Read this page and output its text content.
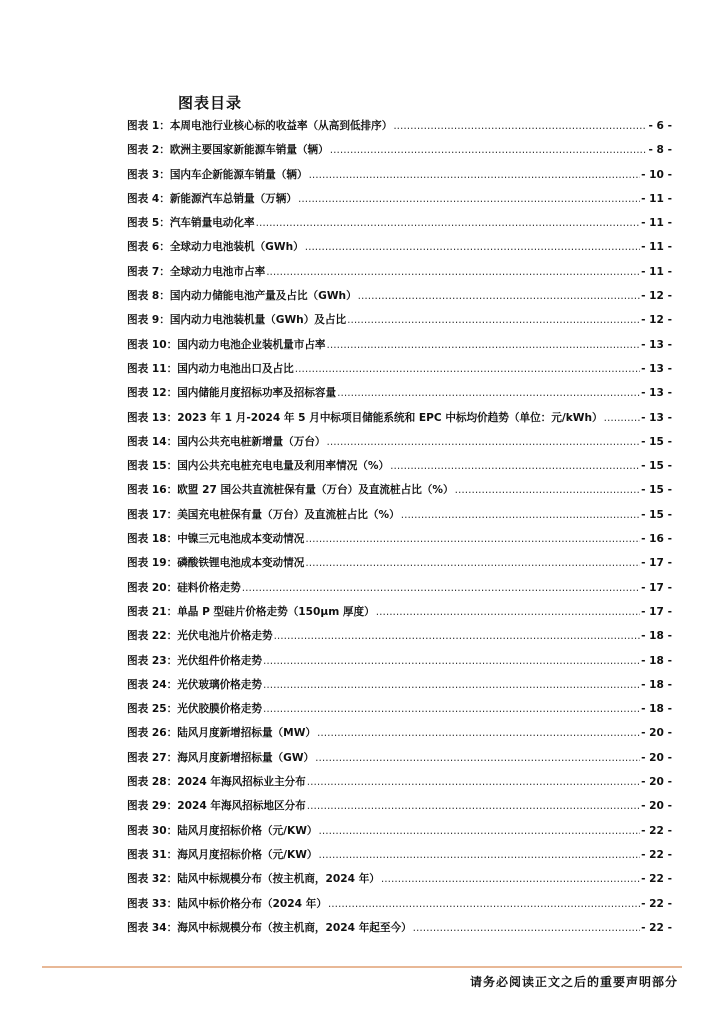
图表目录
图表 1：本周电池行业核心标的收益率（从高到低排序） .....	- 6 -
图表 2：欧洲主要国家新能源车销量（辆） .....	- 8 -
图表 3：国内车企新能源车销量（辆） .....	- 10 -
图表 4：新能源汽车总销量（万辆） .....	- 11 -
图表 5：汽车销量电动化率 .....	- 11 -
图表 6：全球动力电池装机（GWh） .....	- 11 -
图表 7：全球动力电池市占率 .....	- 11 -
图表 8：国内动力储能电池产量及占比（GWh） .....	- 12 -
图表 9：国内动力电池装机量（GWh）及占比 .....	- 12 -
图表 10：国内动力电池企业装机量市占率 .....	- 13 -
图表 11：国内动力电池出口及占比 .....	- 13 -
图表 12：国内储能月度招标功率及招标容量 .....	- 13 -
图表 13：2023 年 1 月-2024 年 5 月中标项目储能系统和 EPC 中标均价趋势（单位：元/kWh） .....	- 13 -
图表 14：国内公共充电桩新增量（万台） .....	- 15 -
图表 15：国内公共充电桩充电电量及利用率情况（%） .....	- 15 -
图表 16：欧盟 27 国公共直流桩保有量（万台）及直流桩占比（%） .....	- 15 -
图表 17：美国充电桩保有量（万台）及直流桩占比（%） .....	- 15 -
图表 18：中镍三元电池成本变动情况 .....	- 16 -
图表 19：磷酸铁锂电池成本变动情况 .....	- 17 -
图表 20：硅料价格走势 .....	- 17 -
图表 21：单晶 P 型硅片价格走势（150μm 厚度） .....	- 17 -
图表 22：光伏电池片价格走势 .....	- 18 -
图表 23：光伏组件价格走势 .....	- 18 -
图表 24：光伏玻璃价格走势 .....	- 18 -
图表 25：光伏胶膜价格走势 .....	- 18 -
图表 26：陆风月度新增招标量（MW） .....	- 20 -
图表 27：海风月度新增招标量（GW） .....	- 20 -
图表 28：2024 年海风招标业主分布 .....	- 20 -
图表 29：2024 年海风招标地区分布 .....	- 20 -
图表 30：陆风月度招标价格（元/KW） .....	- 22 -
图表 31：海风月度招标价格（元/KW） .....	- 22 -
图表 32：陆风中标规模分布（按主机商，2024 年） .....	- 22 -
图表 33：陆风中标价格分布（2024 年） .....	- 22 -
图表 34：海风中标规模分布（按主机商，2024 年起至今） .....	- 22 -
请务必阅读正文之后的重要声明部分
